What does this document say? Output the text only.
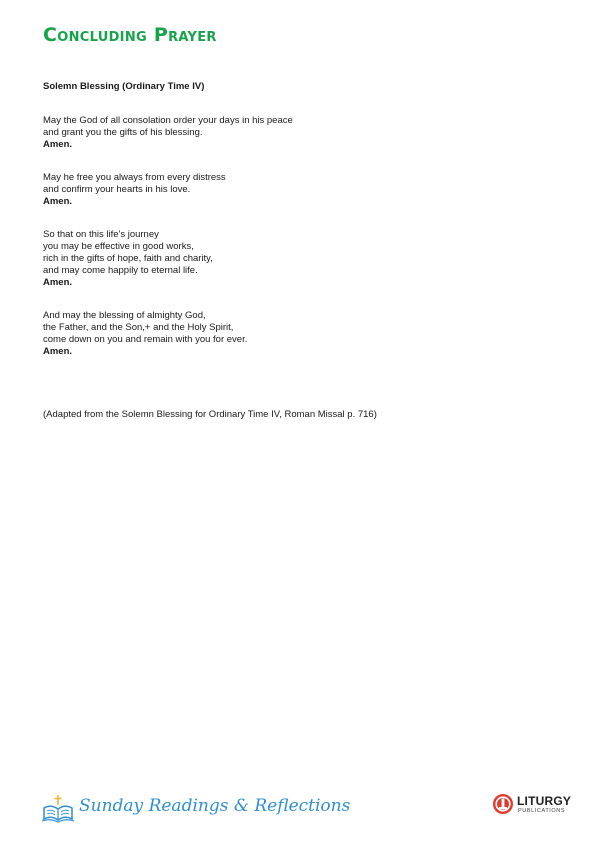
Concluding Prayer
Solemn Blessing (Ordinary Time IV)
May the God of all consolation order your days in his peace
and grant you the gifts of his blessing.
Amen.
May he free you always from every distress
and confirm your hearts in his love.
Amen.
So that on this life's journey
you may be effective in good works,
rich in the gifts of hope, faith and charity,
and may come happily to eternal life.
Amen.
And may the blessing of almighty God,
the Father, and the Son,+ and the Holy Spirit,
come down on you and remain with you for ever.
Amen.
(Adapted from the Solemn Blessing for Ordinary Time IV, Roman Missal p. 716)
Sunday Readings & Reflections	LITURGY
PUBLICATIONS
